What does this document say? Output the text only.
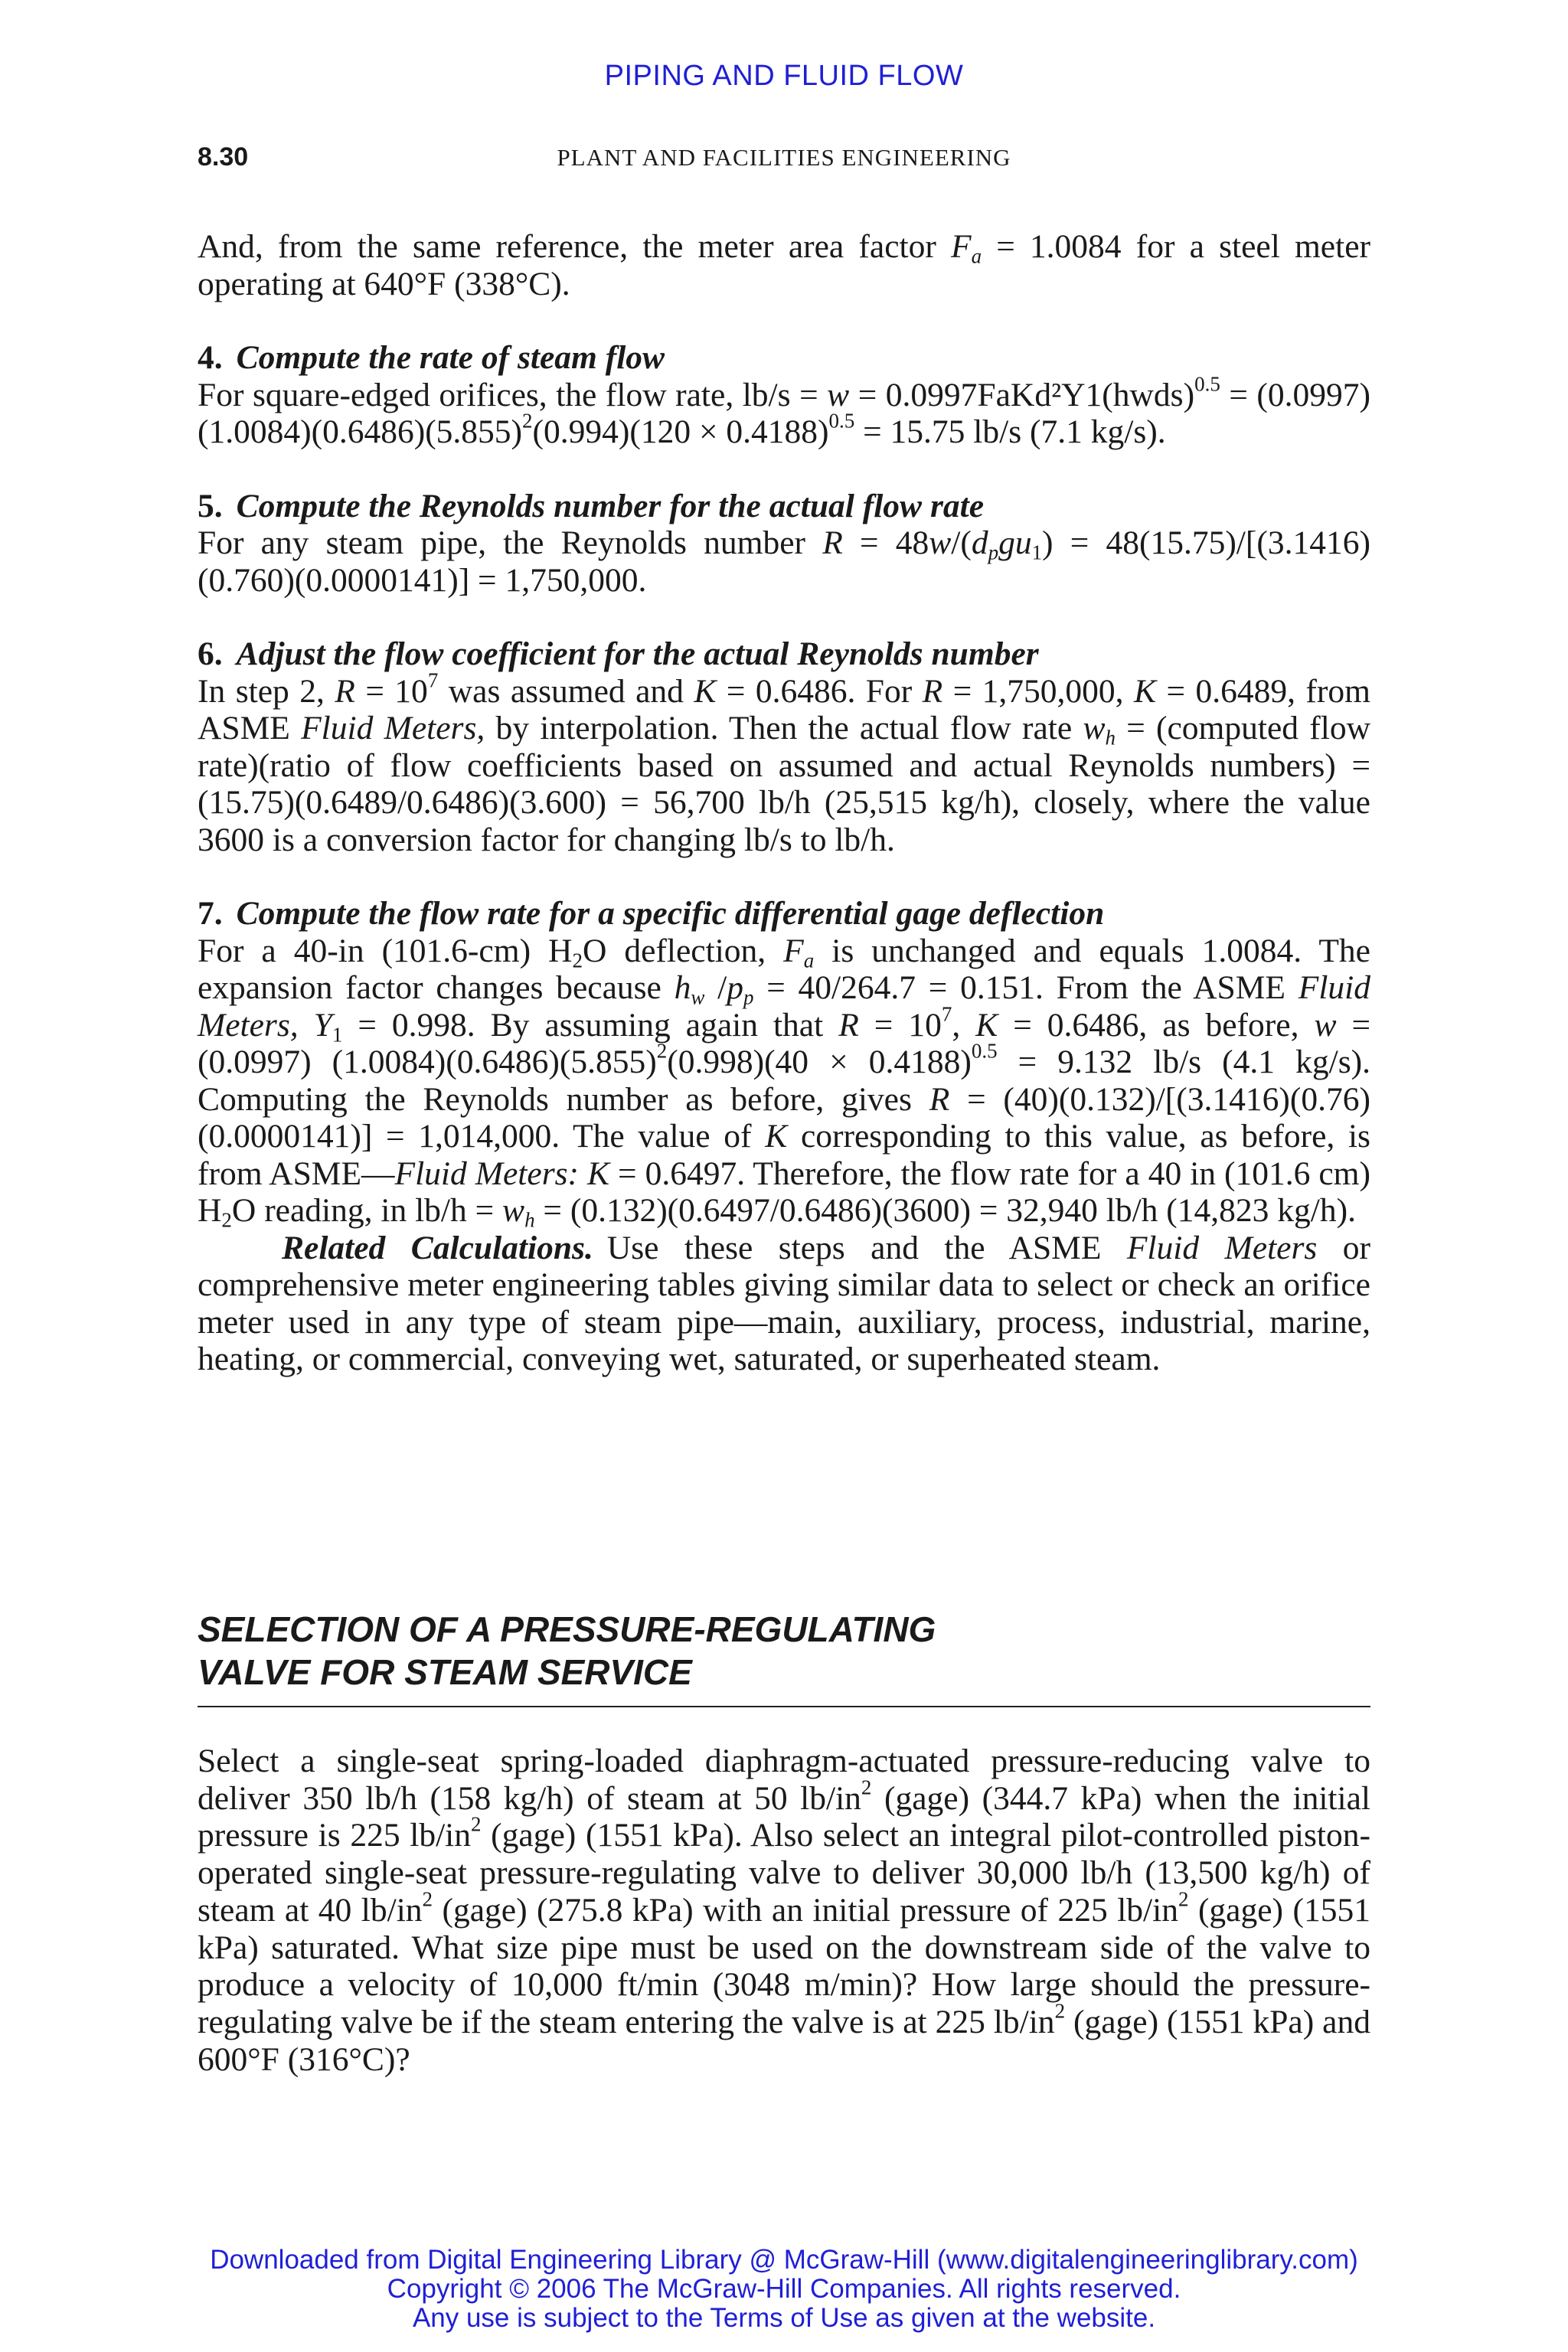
PIPING AND FLUID FLOW
8.30	PLANT AND FACILITIES ENGINEERING

And, from the same reference, the meter area factor $F_a = 1.0084$ for a steel meter operating at 640°F (338°C).

4. Compute the rate of steam flow

For square-edged orifices, the flow rate, lb/s = w = 0.0997FaKd²Y1(hwds)$^{0.5}$ = $(0.0997)(1.0084)(0.6486)(5.855)^2(0.994)(120 \times 0.4188)^{0.5} = 15.75$ lb/s (7.1 kg/s).

5. Compute the Reynolds number for the actual flow rate

For any steam pipe, the Reynolds number $R = 48w/(d_pgu_1) = 48(15.75)/[(3.1416)(0.760)(0.0000141)] = 1,750,000$.

6. Adjust the flow coefficient for the actual Reynolds number

In step 2, $R = 10^7$ was assumed and K = 0.6486. For R = 1,750,000, K = 0.6489, from ASME Fluid Meters, by interpolation. Then the actual flow rate $w_h$ = (computed flow rate)(ratio of flow coefficients based on assumed and actual Reynolds numbers) = (15.75)(0.6489/0.6486)(3.600) = 56,700 lb/h (25,515 kg/h), closely, where the value 3600 is a conversion factor for changing lb/s to lb/h.

7. Compute the flow rate for a specific differential gage deflection

For a 40-in (101.6-cm) $H_2O$ deflection, $F_a$ is unchanged and equals 1.0084. The expansion factor changes because $h_w$ $/p_p = 40/264.7 = 0.151$. From the ASME Fluid Meters, $Y_1 = 0.998$. By assuming again that $R = 10^7$, K = 0.6486, as before, w = (0.0997) $(1.0084)(0.6486)(5.855)^2(0.998)(40 \times 0.4188)^{0.5} = 9.132$ lb/s (4.1 kg/s). Computing the Reynolds number as before, gives R = (40)(0.132)/[(3.1416)(0.76)(0.0000141)] = 1,014,000. The value of K corresponding to this value, as before, is from ASME—Fluid Meters: K = 0.6497. Therefore, the flow rate for a 40 in (101.6 cm) $H_2O$ reading, in $lb/h = w_h = (0.132)(0.6497/0.6486)(3600) = 32,940$ lb/h (14,823 kg/h).

Related Calculations. Use these steps and the ASME Fluid Meters or comprehensive meter engineering tables giving similar data to select or check an orifice meter used in any type of steam pipe—main, auxiliary, process, industrial, marine, heating, or commercial, conveying wet, saturated, or superheated steam.

SELECTION OF A PRESSURE-REGULATING
VALVE FOR STEAM SERVICE

Select a single-seat spring-loaded diaphragm-actuated pressure-reducing valve to deliver 350 lb/h (158 kg/h) of steam at 50 $lb/in^2$ (gage) (344.7 kPa) when the initial pressure is 225 $lb/in^2$ (gage) (1551 kPa). Also select an integral pilot-controlled piston-operated single-seat pressure-regulating valve to deliver 30,000 lb/h (13,500 kg/h) of steam at 40 $lb/in^2$ (gage) (275.8 kPa) with an initial pressure of 225 $lb/in^2$ (gage) (1551 kPa) saturated. What size pipe must be used on the downstream side of the valve to produce a velocity of 10,000 ft/min (3048 m/min)? How large should the pressure-regulating valve be if the steam entering the valve is at 225 $lb/in^2$ (gage) (1551 kPa) and 600°F (316°C)?

Downloaded from Digital Engineering Library @ McGraw-Hill (www.digitalengineeringlibrary.com)
Copyright © 2006 The McGraw-Hill Companies. All rights reserved.
Any use is subject to the Terms of Use as given at the website.
